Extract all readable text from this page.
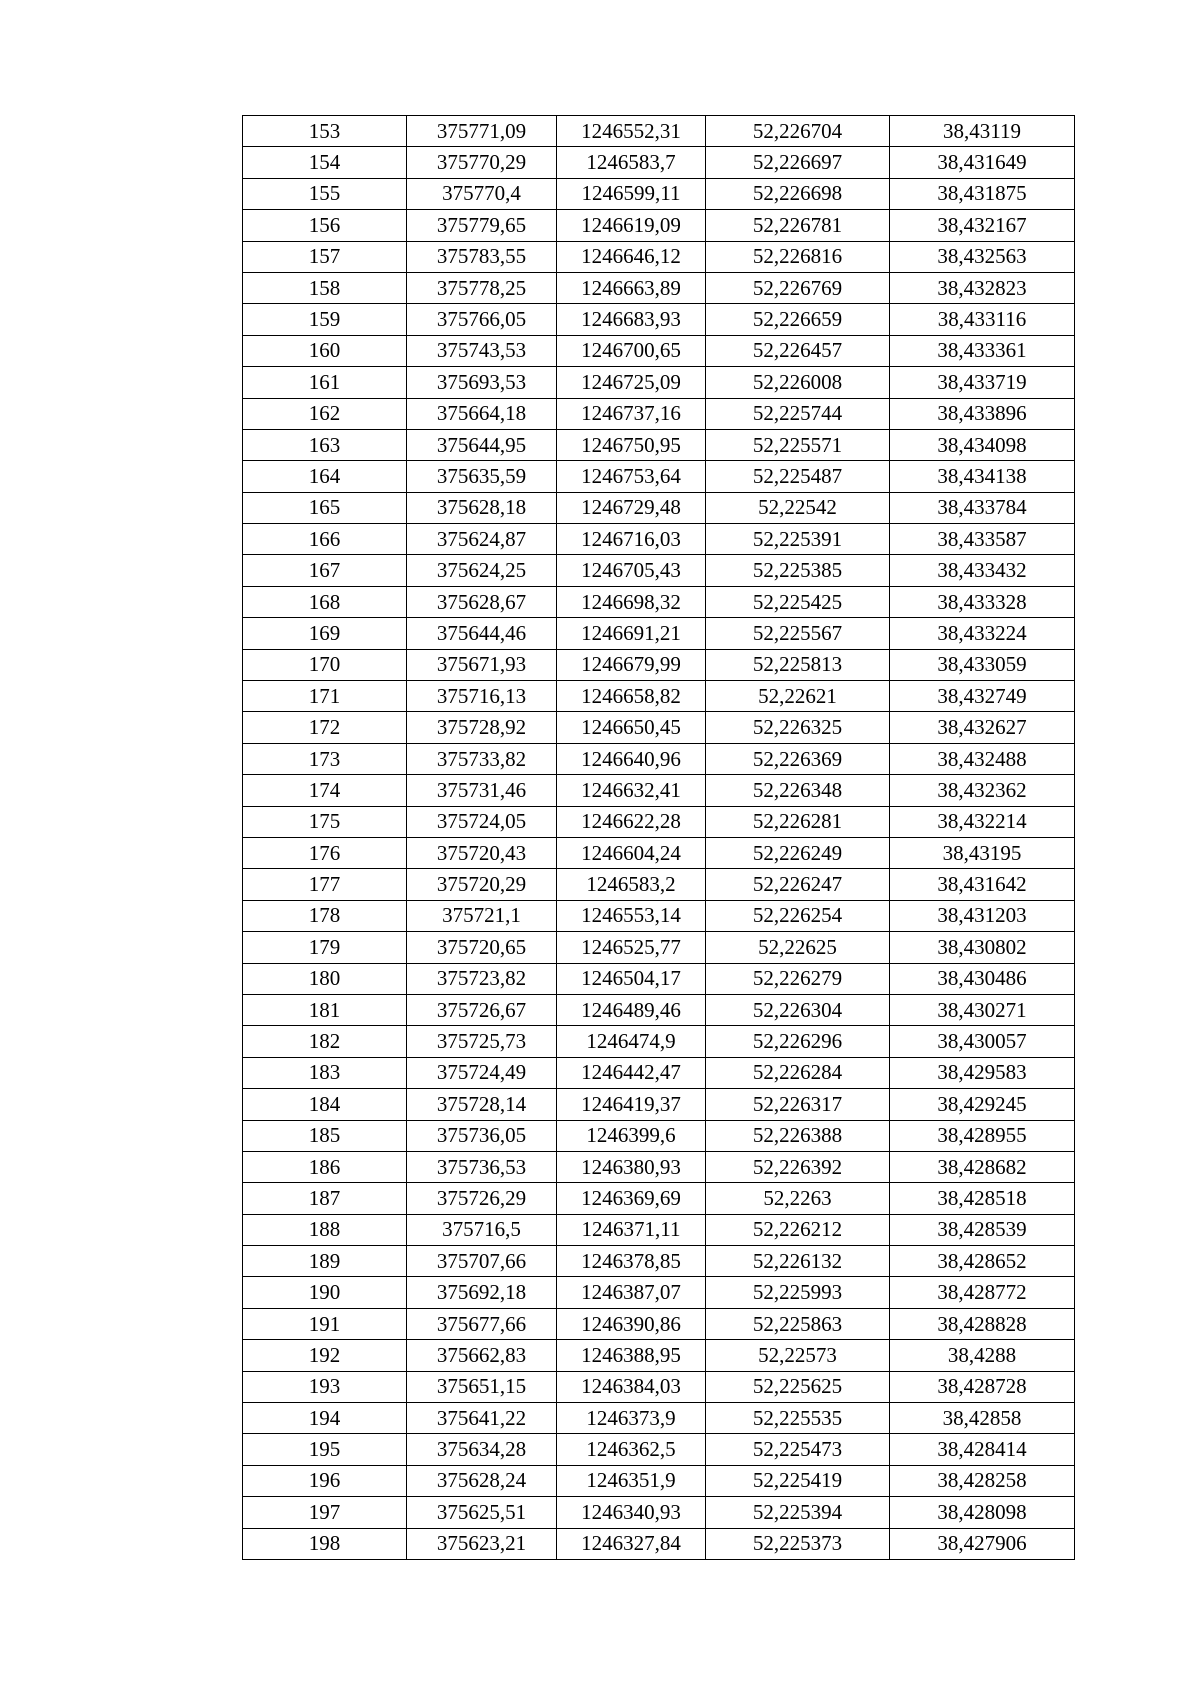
153	375771,09	1246552,31	52,226704	38,43119
154	375770,29	1246583,7	52,226697	38,431649
155	375770,4	1246599,11	52,226698	38,431875
156	375779,65	1246619,09	52,226781	38,432167
157	375783,55	1246646,12	52,226816	38,432563
158	375778,25	1246663,89	52,226769	38,432823
159	375766,05	1246683,93	52,226659	38,433116
160	375743,53	1246700,65	52,226457	38,433361
161	375693,53	1246725,09	52,226008	38,433719
162	375664,18	1246737,16	52,225744	38,433896
163	375644,95	1246750,95	52,225571	38,434098
164	375635,59	1246753,64	52,225487	38,434138
165	375628,18	1246729,48	52,22542	38,433784
166	375624,87	1246716,03	52,225391	38,433587
167	375624,25	1246705,43	52,225385	38,433432
168	375628,67	1246698,32	52,225425	38,433328
169	375644,46	1246691,21	52,225567	38,433224
170	375671,93	1246679,99	52,225813	38,433059
171	375716,13	1246658,82	52,22621	38,432749
172	375728,92	1246650,45	52,226325	38,432627
173	375733,82	1246640,96	52,226369	38,432488
174	375731,46	1246632,41	52,226348	38,432362
175	375724,05	1246622,28	52,226281	38,432214
176	375720,43	1246604,24	52,226249	38,43195
177	375720,29	1246583,2	52,226247	38,431642
178	375721,1	1246553,14	52,226254	38,431203
179	375720,65	1246525,77	52,22625	38,430802
180	375723,82	1246504,17	52,226279	38,430486
181	375726,67	1246489,46	52,226304	38,430271
182	375725,73	1246474,9	52,226296	38,430057
183	375724,49	1246442,47	52,226284	38,429583
184	375728,14	1246419,37	52,226317	38,429245
185	375736,05	1246399,6	52,226388	38,428955
186	375736,53	1246380,93	52,226392	38,428682
187	375726,29	1246369,69	52,2263	38,428518
188	375716,5	1246371,11	52,226212	38,428539
189	375707,66	1246378,85	52,226132	38,428652
190	375692,18	1246387,07	52,225993	38,428772
191	375677,66	1246390,86	52,225863	38,428828
192	375662,83	1246388,95	52,22573	38,4288
193	375651,15	1246384,03	52,225625	38,428728
194	375641,22	1246373,9	52,225535	38,42858
195	375634,28	1246362,5	52,225473	38,428414
196	375628,24	1246351,9	52,225419	38,428258
197	375625,51	1246340,93	52,225394	38,428098
198	375623,21	1246327,84	52,225373	38,427906
